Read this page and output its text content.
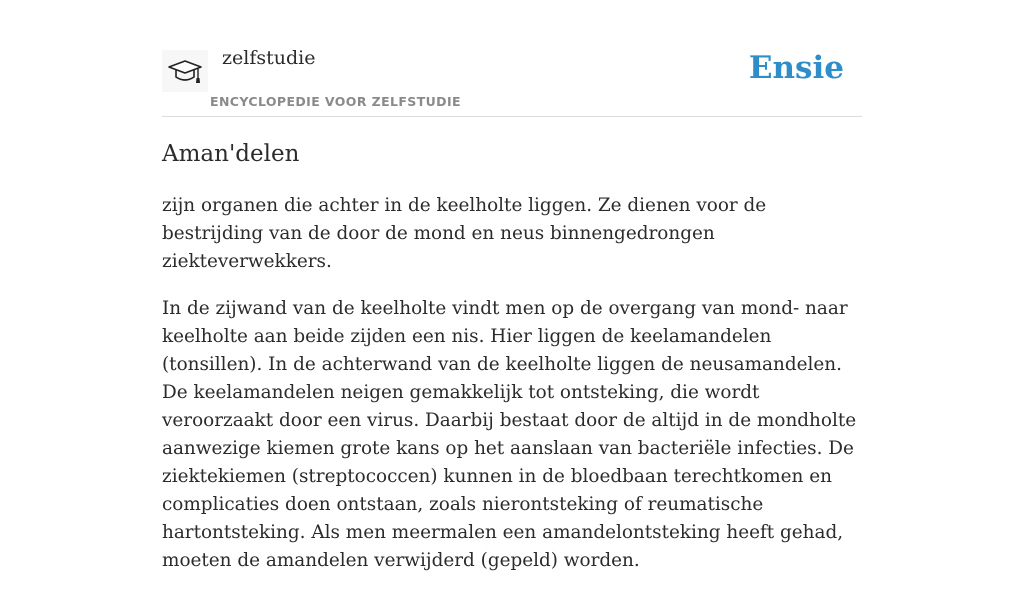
zelfstudie
ENCYCLOPEDIE VOOR ZELFSTUDIE
Ensie
Aman'delen

zijn organen die achter in de keelholte liggen. Ze dienen voor de bestrijding van de door de mond en neus binnengedrongen ziekteverwekkers.

In de zijwand van de keelholte vindt men op de overgang van mond- naar keelholte aan beide zijden een nis. Hier liggen de keelamandelen (tonsillen). In de achterwand van de keelholte liggen de neusamandelen. De keelamandelen neigen gemakkelijk tot ontsteking, die wordt veroorzaakt door een virus. Daarbij bestaat door de altijd in de mondholte aanwezige kiemen grote kans op het aanslaan van bacteriële infecties. De ziektekiemen (streptococcen) kunnen in de bloedbaan terechtkomen en complicaties doen ontstaan, zoals nierontsteking of reumatische hartontsteking. Als men meermalen een amandelontsteking heeft gehad, moeten de amandelen verwijderd (gepeld) worden.
